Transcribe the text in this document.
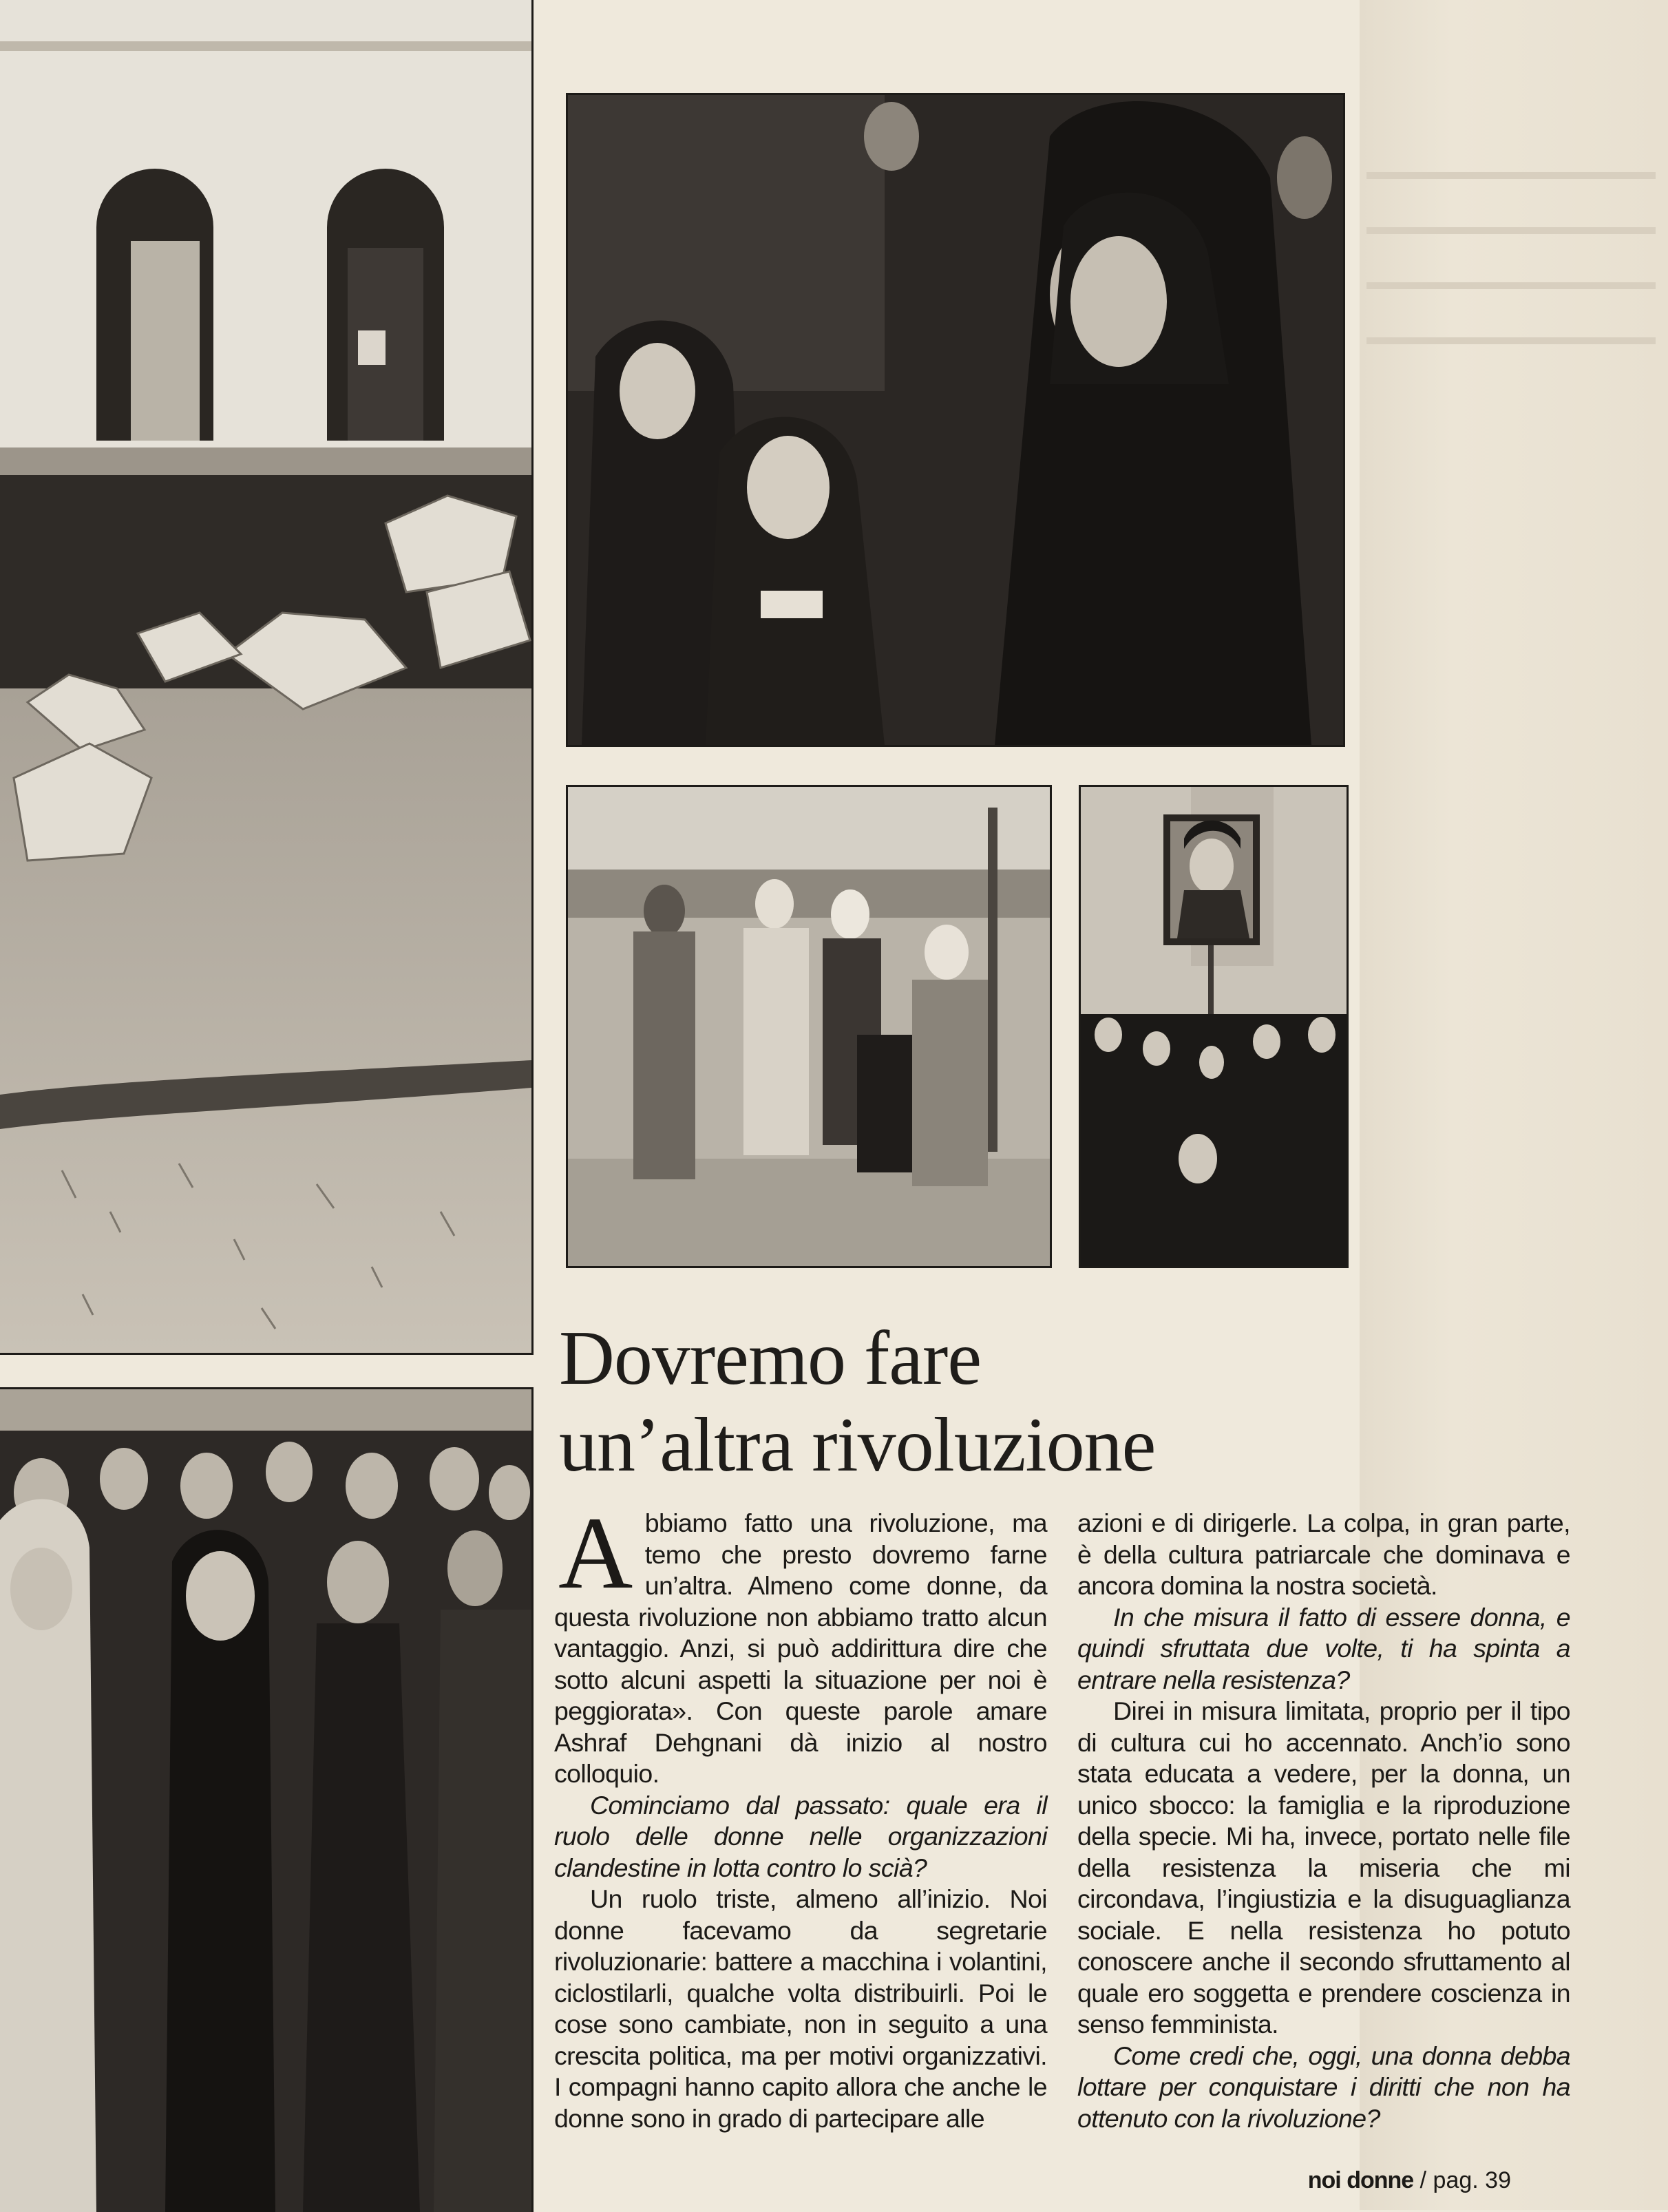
Dovremo fare
un’altra rivoluzione

Abbiamo fatto una rivoluzione, ma temo che presto dovremo farne un’altra. Almeno come donne, da questa rivoluzione non abbiamo tratto alcun vantaggio. Anzi, si può addirittura dire che sotto alcuni aspetti la situazione per noi è peggiorata». Con queste parole amare Ashraf Dehgnani dà inizio al nostro colloquio.

Cominciamo dal passato: quale era il ruolo delle donne nelle organizzazioni clandestine in lotta contro lo scià?

Un ruolo triste, almeno all’inizio. Noi donne facevamo da segretarie rivoluzionarie: battere a macchina i volantini, ciclostilarli, qualche volta distribuirli. Poi le cose sono cambiate, non in seguito a una crescita politica, ma per motivi organizzativi. I compagni hanno capito allora che anche le donne sono in grado di partecipare alle

azioni e di dirigerle. La colpa, in gran parte, è della cultura patriarcale che dominava e ancora domina la nostra società.

In che misura il fatto di essere donna, e quindi sfruttata due volte, ti ha spinta a entrare nella resistenza?

Direi in misura limitata, proprio per il tipo di cultura cui ho accennato. Anch’io sono stata educata a vedere, per la donna, un unico sbocco: la famiglia e la riproduzione della specie. Mi ha, invece, portato nelle file della resistenza la miseria che mi circondava, l’ingiustizia e la disuguaglianza sociale. E nella resistenza ho potuto conoscere anche il secondo sfruttamento al quale ero soggetta e prendere coscienza in senso femminista.

Come credi che, oggi, una donna debba lottare per conquistare i diritti che non ha ottenuto con la rivoluzione?

noi donne / pag. 39
